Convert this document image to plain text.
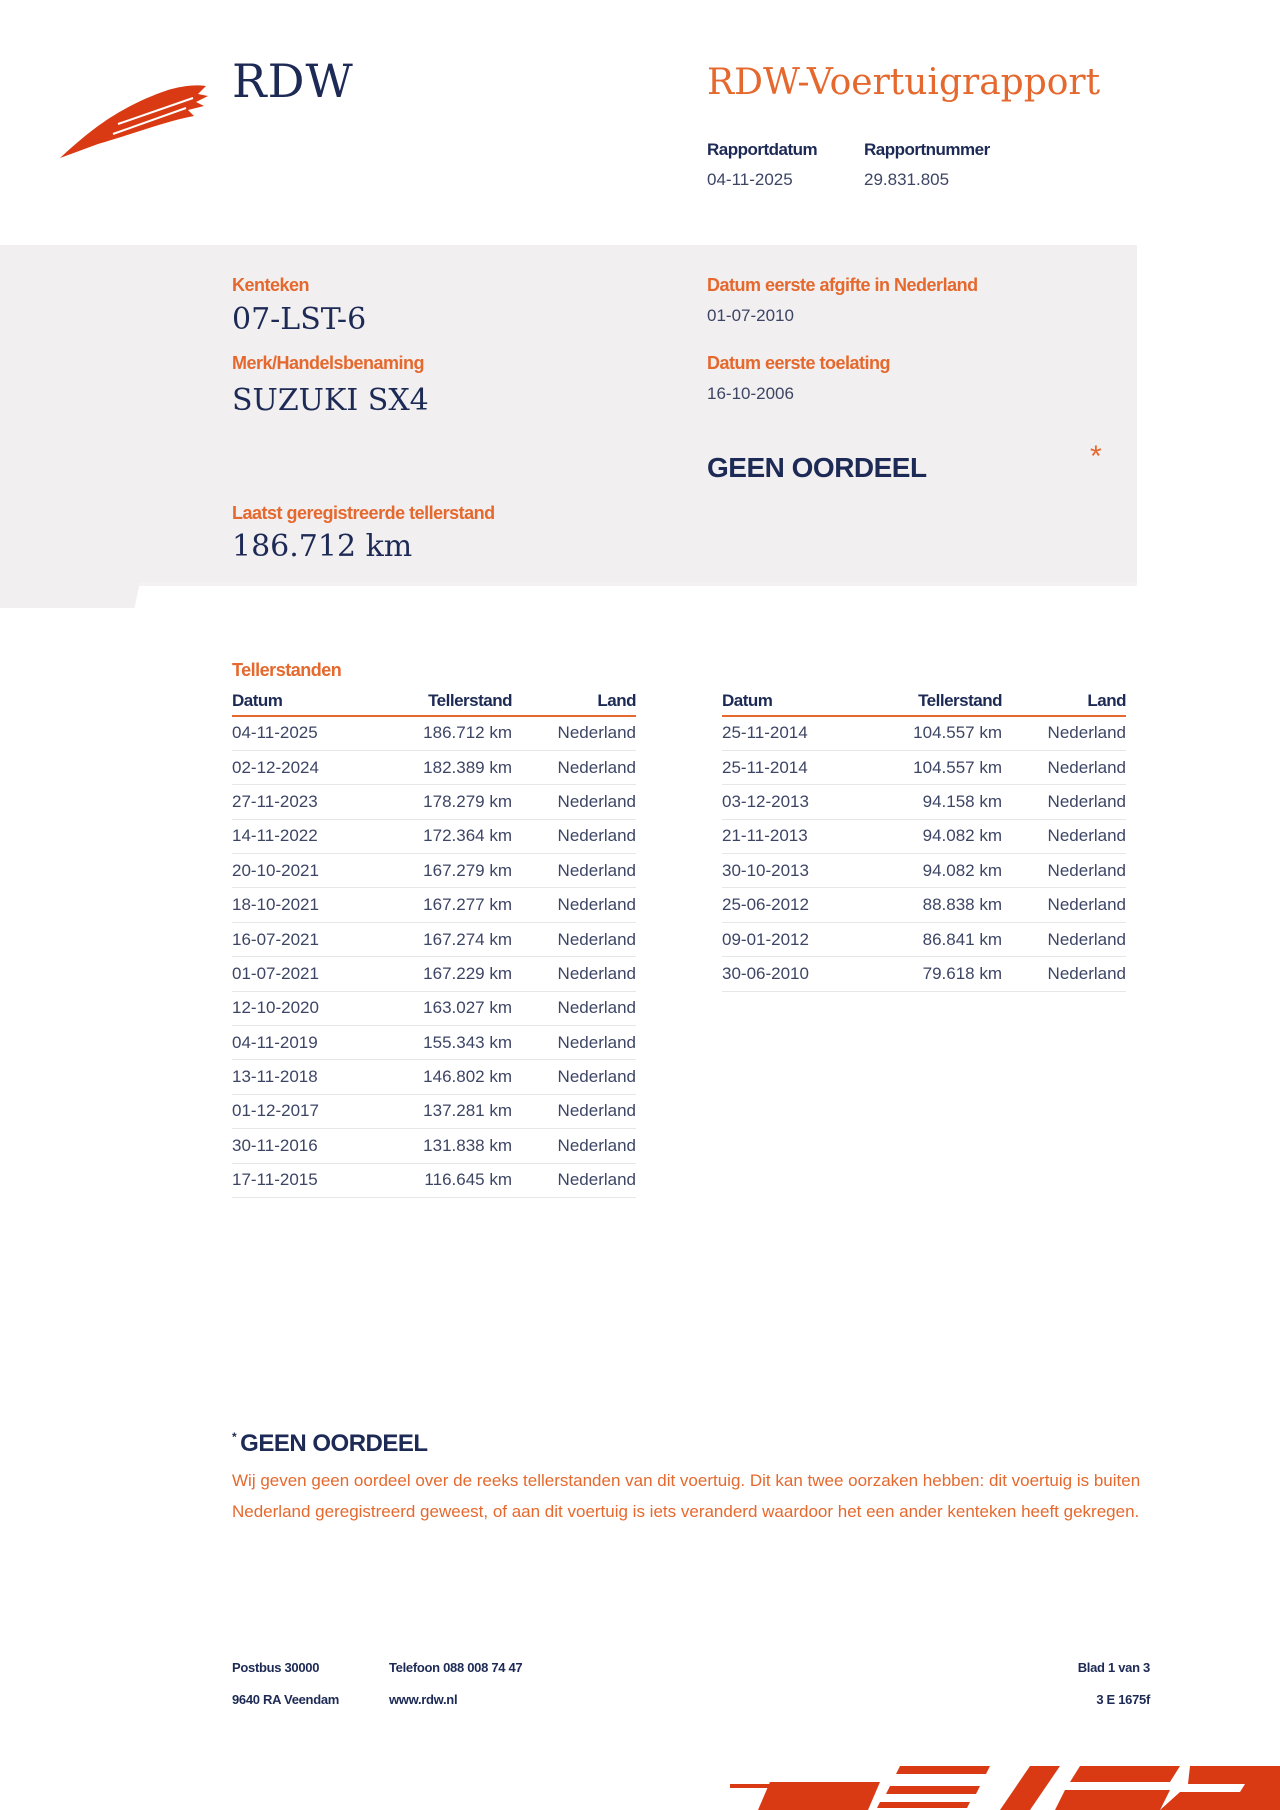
RDW	RDW-Voertuigrapport
Rapportdatum
04-11-2025
Rapportnummer
29.831.805
Kenteken
07-LST-6
Merk/Handelsbenaming
SUZUKI SX4
Datum eerste afgifte in Nederland
01-07-2010
Datum eerste toelating
16-10-2006
GEEN OORDEEL	*
Laatst geregistreerde tellerstand
186.712 km
Tellerstanden
Datum	Tellerstand	Land
04-11-2025	186.712 km	Nederland
02-12-2024	182.389 km	Nederland
27-11-2023	178.279 km	Nederland
14-11-2022	172.364 km	Nederland
20-10-2021	167.279 km	Nederland
18-10-2021	167.277 km	Nederland
16-07-2021	167.274 km	Nederland
01-07-2021	167.229 km	Nederland
12-10-2020	163.027 km	Nederland
04-11-2019	155.343 km	Nederland
13-11-2018	146.802 km	Nederland
01-12-2017	137.281 km	Nederland
30-11-2016	131.838 km	Nederland
17-11-2015	116.645 km	Nederland
Datum	Tellerstand	Land
25-11-2014	104.557 km	Nederland
25-11-2014	104.557 km	Nederland
03-12-2013	94.158 km	Nederland
21-11-2013	94.082 km	Nederland
30-10-2013	94.082 km	Nederland
25-06-2012	88.838 km	Nederland
09-01-2012	86.841 km	Nederland
30-06-2010	79.618 km	Nederland
* GEEN OORDEEL
Wij geven geen oordeel over de reeks tellerstanden van dit voertuig. Dit kan twee oorzaken hebben: dit voertuig is buiten Nederland geregistreerd geweest, of aan dit voertuig is iets veranderd waardoor het een ander kenteken heeft gekregen.
Postbus 30000
9640 RA Veendam
Telefoon 088 008 74 47
www.rdw.nl
Blad 1 van 3
3 E 1675f
